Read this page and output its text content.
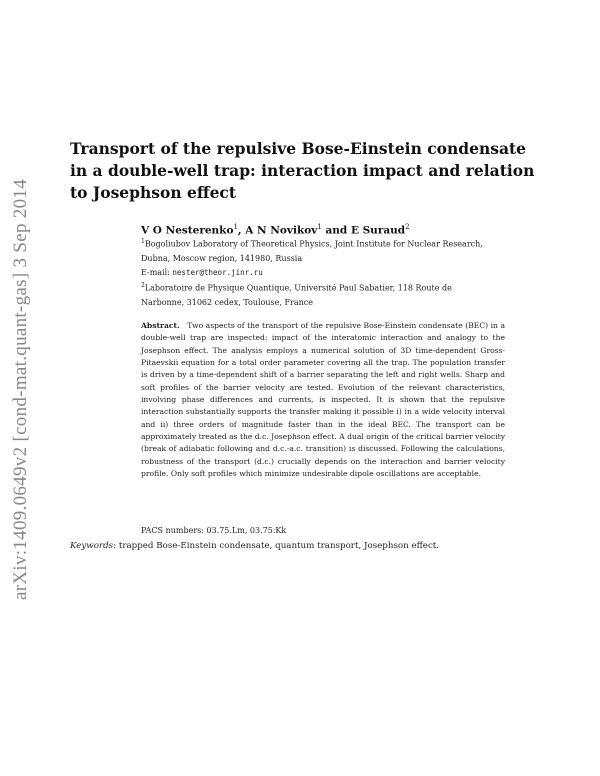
arXiv:1409.0649v2 [cond-mat.quant-gas] 3 Sep 2014
Transport of the repulsive Bose-Einstein condensate in a double-well trap: interaction impact and relation to Josephson effect
V O Nesterenko$^1$, A N Novikov$^1$ and E Suraud$^2$
$^1$Bogoliubov Laboratory of Theoretical Physics, Joint Institute for Nuclear Research,
Dubna, Moscow region, 141980, Russia
E-mail: nester@theor.jinr.ru
$^2$Laboratoire de Physique Quantique, Université Paul Sabatier, 118 Route de
Narbonne, 31062 cedex, Toulouse, France
Abstract. Two aspects of the transport of the repulsive Bose-Einstein condensate (BEC) in a double-well trap are inspected: impact of the interatomic interaction and analogy to the Josephson effect. The analysis employs a numerical solution of 3D time-dependent Gross-Pitaevskii equation for a total order parameter covering all the trap. The population transfer is driven by a time-dependent shift of a barrier separating the left and right wells. Sharp and soft profiles of the barrier velocity are tested. Evolution of the relevant characteristics, involving phase differences and currents, is inspected. It is shown that the repulsive interaction substantially supports the transfer making it possible i) in a wide velocity interval and ii) three orders of magnitude faster than in the ideal BEC. The transport can be approximately treated as the d.c. Josephson effect. A dual origin of the critical barrier velocity (break of adiabatic following and d.c.-a.c. transition) is discussed. Following the calculations, robustness of the transport (d.c.) crucially depends on the interaction and barrier velocity profile. Only soft profiles which minimize undesirable dipole oscillations are acceptable.
PACS numbers: 03.75.Lm, 03.75.Kk
Keywords: trapped Bose-Einstein condensate, quantum transport, Josephson effect.
